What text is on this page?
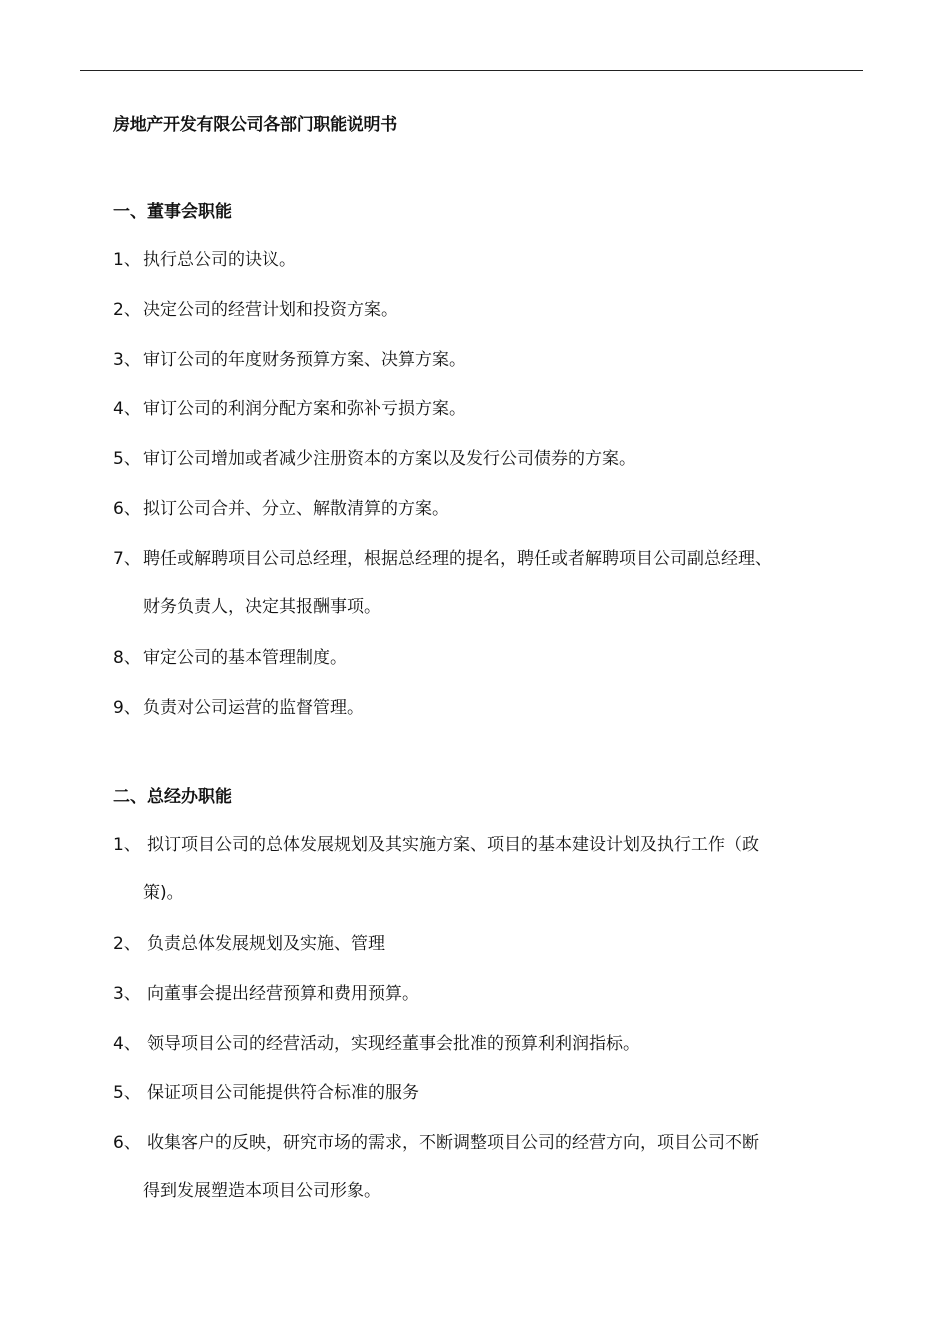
房地产开发有限公司各部门职能说明书
一、董事会职能
1、 执行总公司的诀议。
2、 决定公司的经营计划和投资方案。
3、 审订公司的年度财务预算方案、决算方案。
4、 审订公司的利润分配方案和弥补亏损方案。
5、 审订公司增加或者减少注册资本的方案以及发行公司债券的方案。
6、 拟订公司合并、分立、解散清算的方案。
7、 聘任或解聘项目公司总经理，根据总经理的提名，聘任或者解聘项目公司副总经理、
财务负责人，决定其报酬事项。
8、 审定公司的基本管理制度。
9、 负责对公司运营的监督管理。
二、总经办职能
1、 拟订项目公司的总体发展规划及其实施方案、项目的基本建设计划及执行工作（政
策)。
2、 负责总体发展规划及实施、管理
3、 向董事会提出经营预算和费用预算。
4、 领导项目公司的经营活动，实现经董事会批准的预算利利润指标。
5、 保证项目公司能提供符合标准的服务
6、 收集客户的反映，研究市场的需求，不断调整项目公司的经营方向，项目公司不断
得到发展塑造本项目公司形象。
